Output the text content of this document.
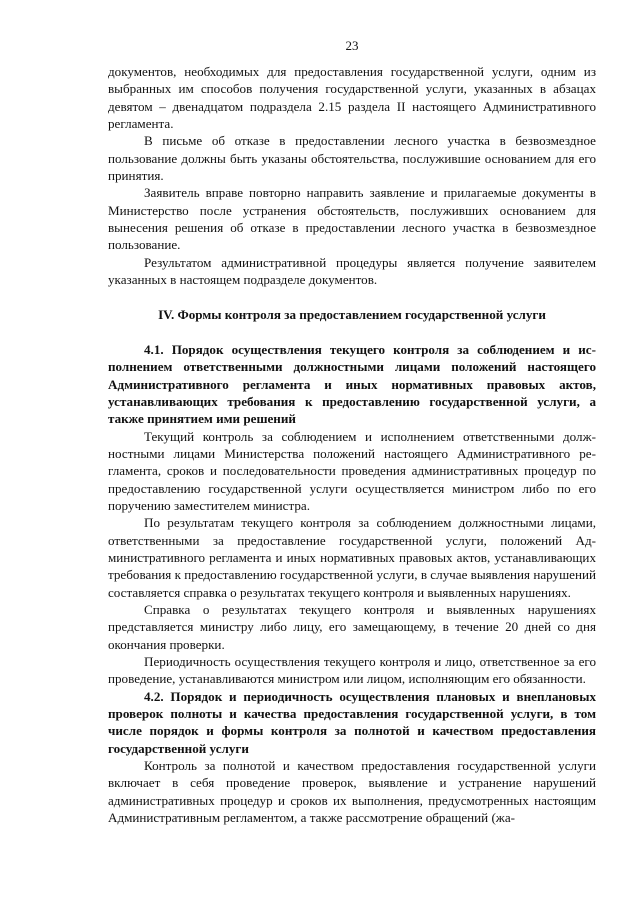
23

документов, необходимых для предоставления государственной услуги, одним из выбранных им способов получения государственной услуги, указанных в абзацах девятом – двенадцатом подраздела 2.15 раздела II настоящего Административного регламента.

В письме об отказе в предоставлении лесного участка в безвозмездное пользование должны быть указаны обстоятельства, послужившие основанием для его принятия.

Заявитель вправе повторно направить заявление и прилагаемые документы в Министерство после устранения обстоятельств, послуживших основанием для вынесения решения об отказе в предоставлении лесного участка в безвозмездное пользование.

Результатом административной процедуры является получение заявителем указанных в настоящем подразделе документов.

IV. Формы контроля за предоставлением государственной услуги

4.1. Порядок осуществления текущего контроля за соблюдением и исполнением ответственными должностными лицами положений настоящего Административного регламента и иных нормативных правовых актов, устанавливающих требования к предоставлению государственной услуги, а также принятием ими решений

Текущий контроль за соблюдением и исполнением ответственными должностными лицами Министерства положений настоящего Административного регламента, сроков и последовательности проведения административных процедур по предоставлению государственной услуги осуществляется министром либо по его поручению заместителем министра.

По результатам текущего контроля за соблюдением должностными лицами, ответственными за предоставление государственной услуги, положений Административного регламента и иных нормативных правовых актов, устанавливающих требования к предоставлению государственной услуги, в случае выявления нарушений составляется справка о результатах текущего контроля и выявленных нарушениях.

Справка о результатах текущего контроля и выявленных нарушениях представляется министру либо лицу, его замещающему, в течение 20 дней со дня окончания проверки.

Периодичность осуществления текущего контроля и лицо, ответственное за его проведение, устанавливаются министром или лицом, исполняющим его обязанности.

4.2. Порядок и периодичность осуществления плановых и внеплановых проверок полноты и качества предоставления государственной услуги, в том числе порядок и формы контроля за полнотой и качеством предоставления государственной услуги

Контроль за полнотой и качеством предоставления государственной услуги включает в себя проведение проверок, выявление и устранение нарушений административных процедур и сроков их выполнения, предусмотренных настоящим Административным регламентом, а также рассмотрение обращений (жа-
